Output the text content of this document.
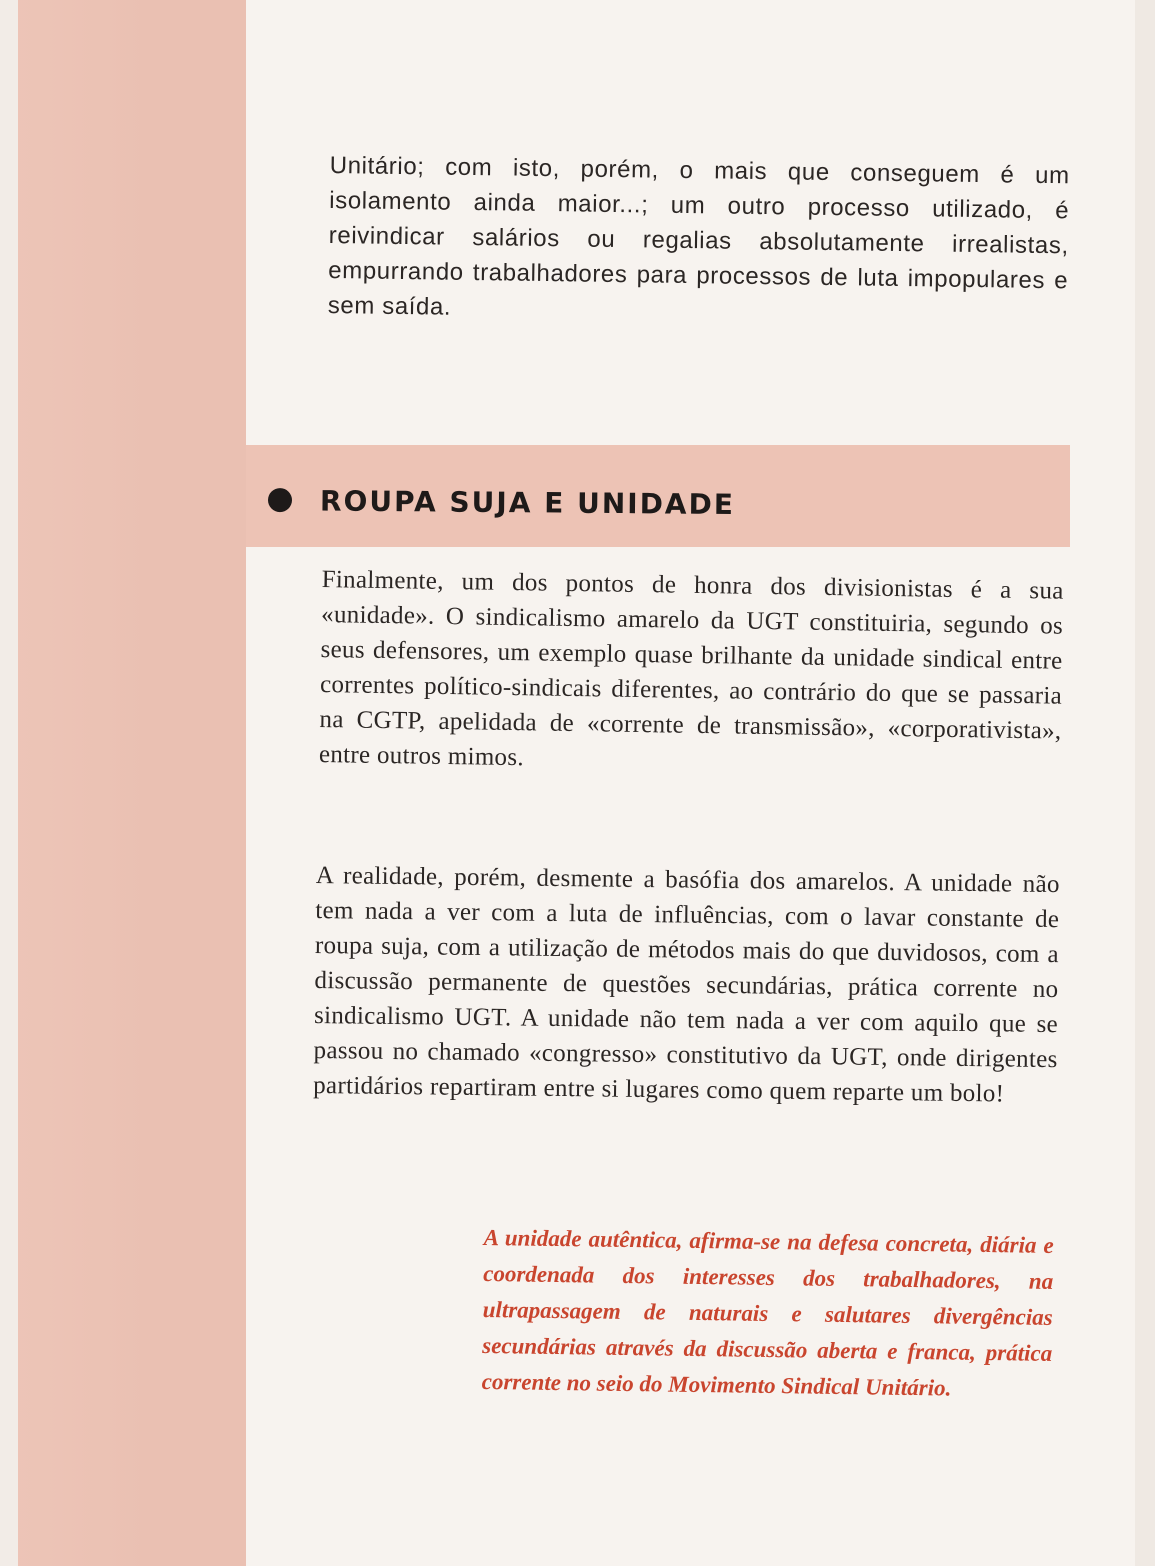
Unitário; com isto, porém, o mais que conseguem é um isolamento ainda maior...; um outro processo utilizado, é reivindicar salários ou regalias absolutamente irrealistas, empurrando trabalhadores para processos de luta impopulares e sem saída.

ROUPA SUJA E UNIDADE

Finalmente, um dos pontos de honra dos divisionistas é a sua «unidade». O sindicalismo amarelo da UGT constituiria, segundo os seus defensores, um exemplo quase brilhante da unidade sindical entre correntes político-sindicais diferentes, ao contrário do que se passaria na CGTP, apelidada de «corrente de transmissão», «corporativista», entre outros mimos.

A realidade, porém, desmente a basófia dos amarelos. A unidade não tem nada a ver com a luta de influências, com o lavar constante de roupa suja, com a utilização de métodos mais do que duvidosos, com a discussão permanente de questões secundárias, prática corrente no sindicalismo UGT. A unidade não tem nada a ver com aquilo que se passou no chamado «congresso» constitutivo da UGT, onde dirigentes partidários repartiram entre si lugares como quem reparte um bolo!

A unidade autêntica, afirma-se na defesa concreta, diária e coordenada dos interesses dos trabalhadores, na ultrapassagem de naturais e salutares divergências secundárias através da discussão aberta e franca, prática corrente no seio do Movimento Sindical Unitário.
